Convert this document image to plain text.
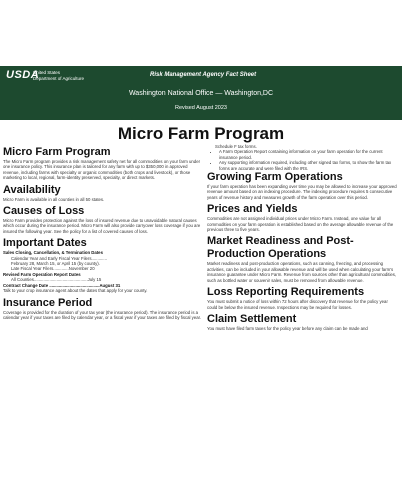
USDA
United States
Department of Agriculture	Risk Management Agency Fact Sheet
Washington National Office — Washington,DC
Revised August 2023
Micro Farm Program
Micro Farm Program

The Micro Farm program provides a risk management safety net for all commodities on your farm under one insurance policy. This insurance plan is tailored for any farm with up to $350,000 in approved revenue, including farms with specialty or organic commodities (both crops and livestock), or those marketing to local, regional, farm-identity preserved, specialty, or direct markets.

Availability

Micro Farm is available in all counties in all 50 states.

Causes of Loss

Micro Farm provides protection against the loss of insured revenue due to unavoidable natural causes which occur during the insurance period. Micro Farm will also provide carryover loss coverage if you are insured the following year. See the policy for a list of covered causes of loss.

Important Dates

Sales Closing, Cancellation, & Termination Dates

Calendar Year and Early Fiscal Year Filers.............

February 28, March 15, or April 15 (by county).

Late Fiscal Year Filers.............November 20

Revised Farm Operation Report Dates

All Counties.............................................July 15

Contract Change Date ..........................................August 31

Talk to your crop insurance agent about the dates that apply for your county.

Insurance Period

Coverage is provided for the duration of your tax year (the insurance period). The insurance period is a calendar year if your taxes are filed by calendar year, or a fiscal year if your taxes are filed by fiscal year.

Schedule F tax forms.

• A Farm Operation Report containing information on your farm operation for the current insurance period.
• Any supporting information required, including other signed tax forms, to show the farm tax forms are accurate and were filed with the IRS.
Growing Farm Operations

If your farm operation has been expanding over time you may be allowed to increase your approved revenue amount based on an indexing procedure. The indexing procedure requires 5 consecutive years of revenue history and measures growth of the farm operation over this period.

Prices and Yields

Commodities are not assigned individual prices under Micro Farm. Instead, one value for all commodities on your farm operation is established based on the average allowable revenue of the previous three to five years.

Market Readiness and Post-Production Operations

Market readiness and post-production operations, such as canning, freezing, and processing activities, can be included in your allowable revenue and will be used when calculating your farm's insurance guarantee under Micro Farm. Revenue from sources other than agricultural commodities, such as bottled water or souvenir sales, must be removed from allowable revenue.

Loss Reporting Requirements

You must submit a notice of loss within 72 hours after discovery that revenue for the policy year could be below the insured revenue. Inspections may be required for losses.

Claim Settlement

You must have filed farm taxes for the policy year before any claim can be made and
